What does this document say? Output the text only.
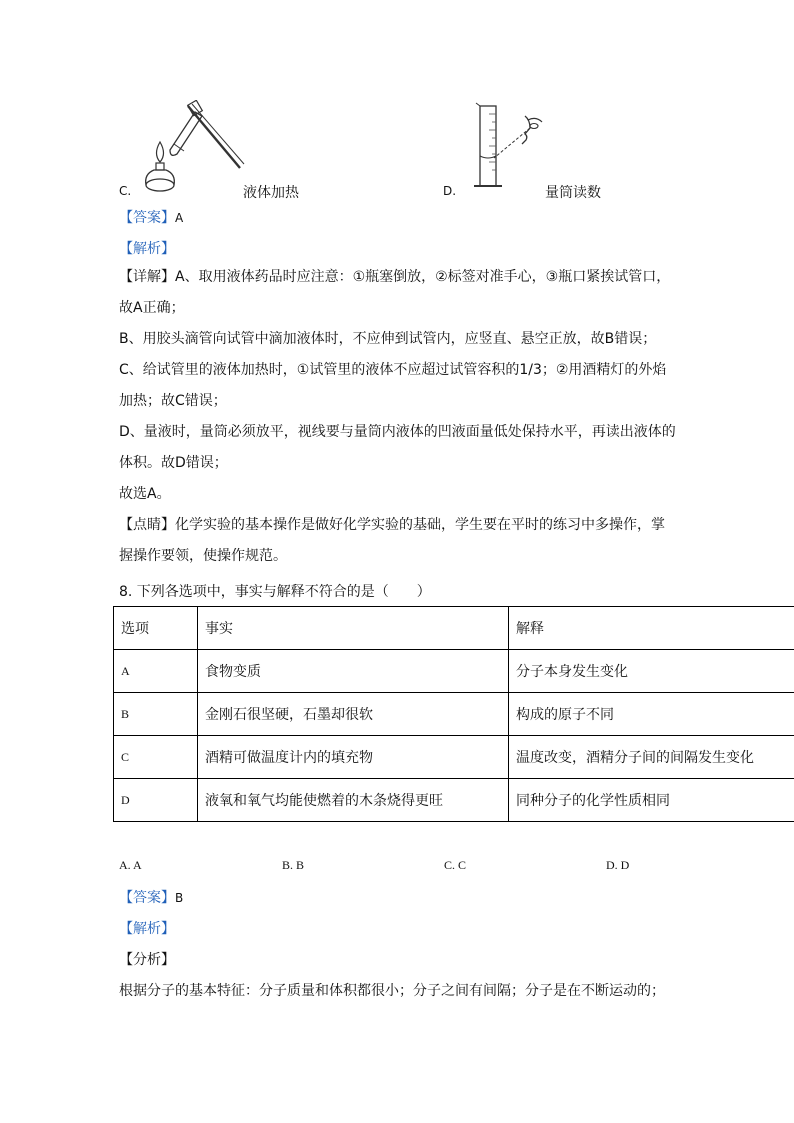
C.	液体加热	D.	量筒读数
【答案】A
【解析】
【详解】A、取用液体药品时应注意：①瓶塞倒放，②标签对准手心，③瓶口紧挨试管口，
故A正确；
B、用胶头滴管向试管中滴加液体时，不应伸到试管内，应竖直、悬空正放，故B错误；
C、给试管里的液体加热时，①试管里的液体不应超过试管容积的1/3；②用酒精灯的外焰
加热；故C错误；
D、量液时，量筒必须放平，视线要与量筒内液体的凹液面量低处保持水平，再读出液体的
体积。故D错误；
故选A。
【点睛】化学实验的基本操作是做好化学实验的基础，学生要在平时的练习中多操作，掌
握操作要领，使操作规范。
8. 下列各选项中，事实与解释不符合的是（　　）
选项	事实	解释
A	食物变质	分子本身发生变化
B	金刚石很坚硬，石墨却很软	构成的原子不同
C	酒精可做温度计内的填充物	温度改变，酒精分子间的间隔发生变化
D	液氧和氧气均能使燃着的木条烧得更旺	同种分子的化学性质相同
A. A	B. B	C. C	D. D
【答案】B
【解析】
【分析】
根据分子的基本特征：分子质量和体积都很小；分子之间有间隔；分子是在不断运动的；
